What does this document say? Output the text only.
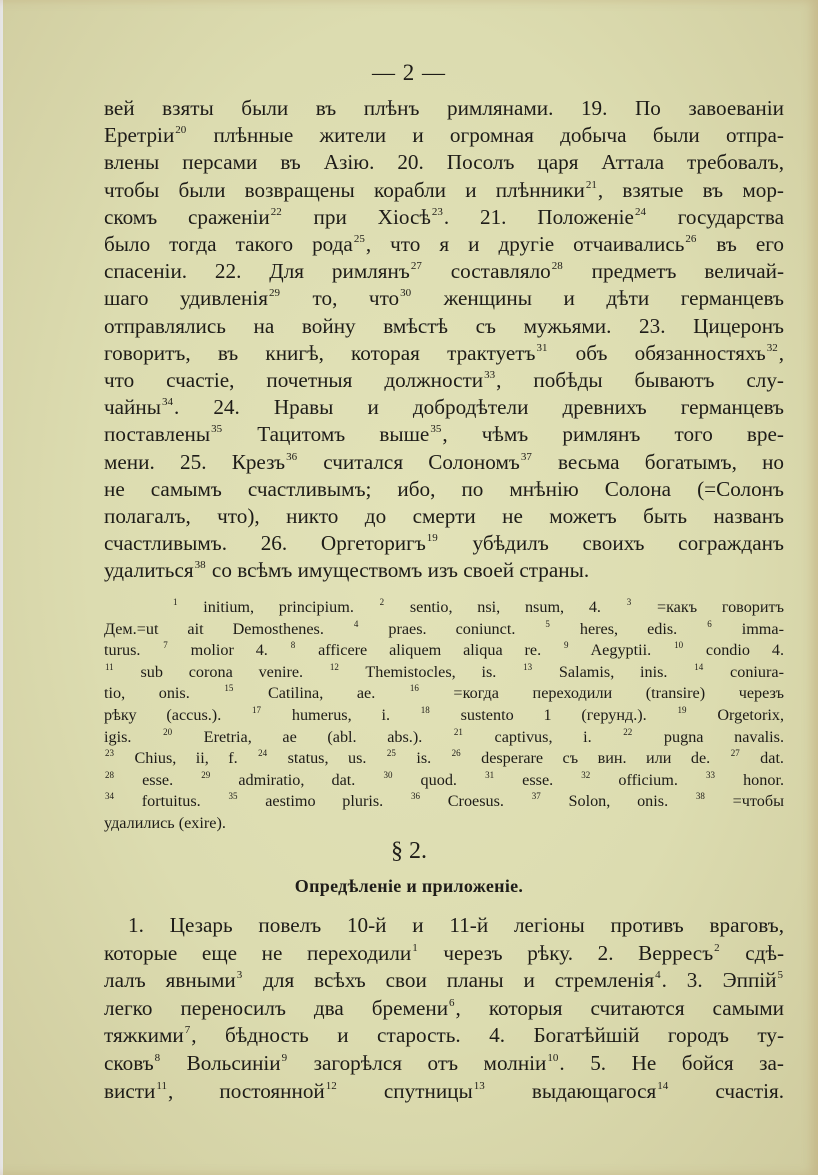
— 2 —
вей взяты были въ плѣнъ римлянами. 19. По завоеваніи
Еретріи$^{20}$ плѣнные жители и огромная добыча были отпра-
влены персами въ Азію. 20. Посолъ царя Аттала требовалъ,
чтобы были возвращены корабли и плѣнники$^{21}$, взятые въ мор-
скомъ сраженіи$^{22}$ при Хіосѣ$^{23}$. 21. Положеніе$^{24}$ государства
было тогда такого рода$^{25}$, что я и другіе отчаивались$^{26}$ въ его
спасеніи. 22. Для римлянъ$^{27}$ составляло$^{28}$ предметъ величай-
шаго удивленія$^{29}$ то, что$^{30}$ женщины и дѣти германцевъ
отправлялись на войну вмѣстѣ съ мужьями. 23. Цицеронъ
говоритъ, въ книгѣ, которая трактуетъ$^{31}$ объ обязанностяхъ$^{32}$,
что счастіе, почетныя должности$^{33}$, побѣды бываютъ слу-
чайны$^{34}$. 24. Нравы и добродѣтели древнихъ германцевъ
поставлены$^{35}$ Тацитомъ выше$^{35}$, чѣмъ римлянъ того вре-
мени. 25. Крезъ$^{36}$ считался Солономъ$^{37}$ весьма богатымъ, но
не самымъ счастливымъ; ибо, по мнѣнію Солона (=Солонъ
полагалъ, что), никто до смерти не можетъ быть названъ
счастливымъ. 26. Оргеторигъ$^{19}$ убѣдилъ своихъ согражданъ
удалиться$^{38}$ со всѣмъ имуществомъ изъ своей страны.
$^1$ initium, principium. $^2$ sentio, nsi, nsum, 4. $^3$ =какъ говоритъ
Дем.=ut ait Demosthenes. $^4$ praes. coniunct. $^5$ heres, edis. $^6$ imma-
turus. $^7$ molior 4. $^8$ afficere aliquem aliqua re. $^9$ Aegyptii. $^{10}$ condio 4.
$^{11}$ sub corona venire. $^{12}$ Themistocles, is. $^{13}$ Salamis, inis. $^{14}$ coniura-
tio, onis. $^{15}$ Catilina, ae. $^{16}$ =когда переходили (transire) черезъ
рѣку (accus.). $^{17}$ humerus, i. $^{18}$ sustento 1 (герунд.). $^{19}$ Orgetorix,
igis. $^{20}$ Eretria, ae (abl. abs.). $^{21}$ captivus, i. $^{22}$ pugna navalis.
$^{23}$ Chius, ii, f. $^{24}$ status, us. $^{25}$ is. $^{26}$ desperare съ вин. или de. $^{27}$ dat.
$^{28}$ esse. $^{29}$ admiratio, dat. $^{30}$ quod. $^{31}$ esse. $^{32}$ officium. $^{33}$ honor.
$^{34}$ fortuitus. $^{35}$ aestimo pluris. $^{36}$ Croesus. $^{37}$ Solon, onis. $^{38}$ =чтобы
удалились (exire).
§ 2.
Опредѣленіе и приложеніе.
1. Цезарь повелъ 10-й и 11-й легіоны противъ враговъ,
которые еще не переходили$^1$ черезъ рѣку. 2. Верресъ$^2$ сдѣ-
лалъ явными$^3$ для всѣхъ свои планы и стремленія$^4$. 3. Эппій$^5$
легко переносилъ два бремени$^6$, которыя считаются самыми
тяжкими$^7$, бѣдность и старость. 4. Богатѣйшій городъ ту-
сковъ$^8$ Вольсиніи$^9$ загорѣлся отъ молніи$^{10}$. 5. Не бойся за-
висти$^{11}$, постоянной$^{12}$ спутницы$^{13}$ выдающагося$^{14}$ счастія.
